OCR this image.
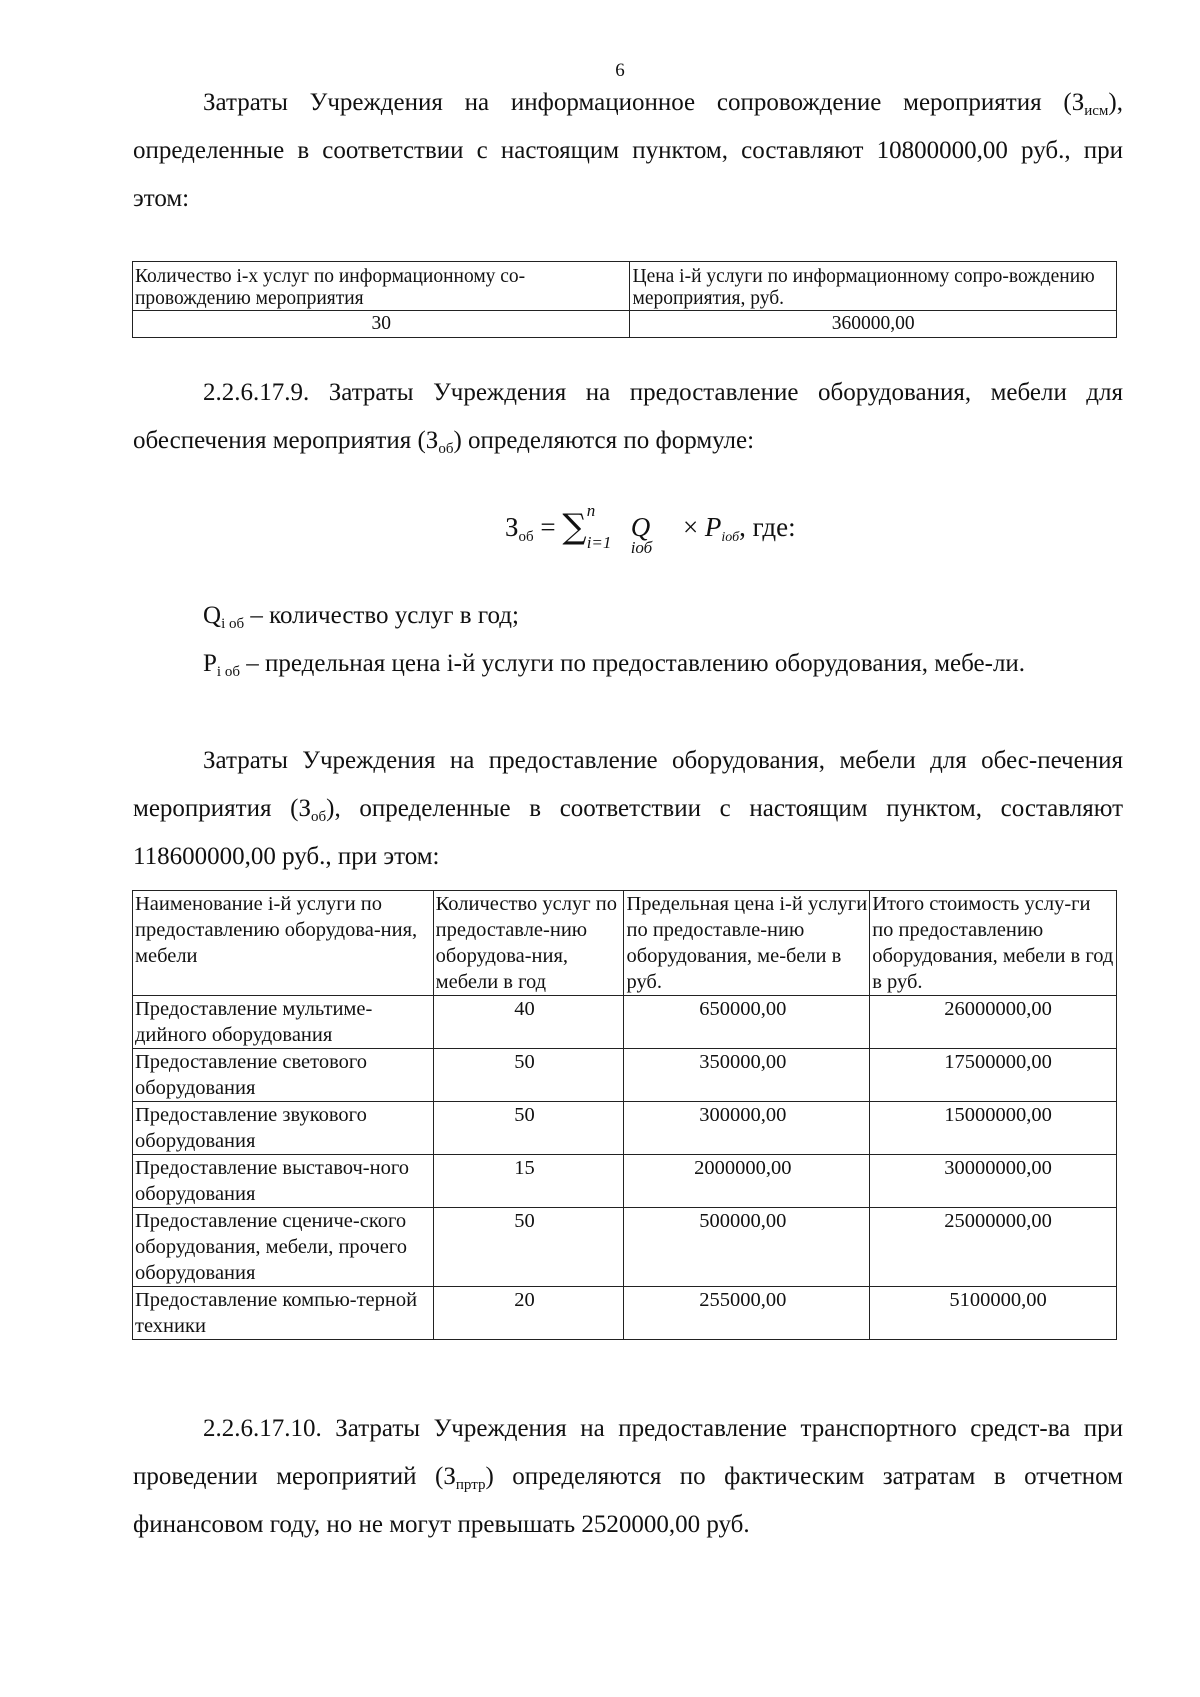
6

Затраты Учреждения на информационное сопровождение мероприятия $(З_{исм})$, определенные в соответствии с настоящим пунктом, составляют 10800000,00 руб., при этом:

Количество i-х услуг по информационному со-провождению мероприятия	Цена i-й услуги по информационному сопро-вождению мероприятия, руб.
30	360000,00

2.2.6.17.9. Затраты Учреждения на предоставление оборудования, мебели для обеспечения мероприятия $(З_{об})$ определяются по формуле:

$З_{об}$ = ∑ n
i=1
Q
iоб
× Piоб, где:

$Q_{i об}$ – количество услуг в год;

$P_{i об}$ – предельная цена i-й услуги по предоставлению оборудования, мебе-ли.

Затраты Учреждения на предоставление оборудования, мебели для обес-печения мероприятия $(З_{об})$, определенные в соответствии с настоящим пунктом, составляют 118600000,00 руб., при этом:

Наименование i-й услуги по предоставлению оборудова-ния, мебели	Количество услуг по предоставле-нию оборудова-ния, мебели в год	Предельная цена i-й услуги по предоставле-нию оборудования, ме-бели в руб.	Итого стоимость услу-ги по предоставлению оборудования, мебели в год в руб.
Предоставление мультиме-дийного оборудования	40	650000,00	26000000,00
Предоставление светового оборудования	50	350000,00	17500000,00
Предоставление звукового оборудования	50	300000,00	15000000,00
Предоставление выставоч-ного оборудования	15	2000000,00	30000000,00
Предоставление сцениче-ского оборудования, мебели, прочего оборудования	50	500000,00	25000000,00
Предоставление компью-терной техники	20	255000,00	5100000,00

2.2.6.17.10. Затраты Учреждения на предоставление транспортного средст-ва при проведении мероприятий $(З_{пртр})$ определяются по фактическим затратам в отчетном финансовом году, но не могут превышать 2520000,00 руб.
